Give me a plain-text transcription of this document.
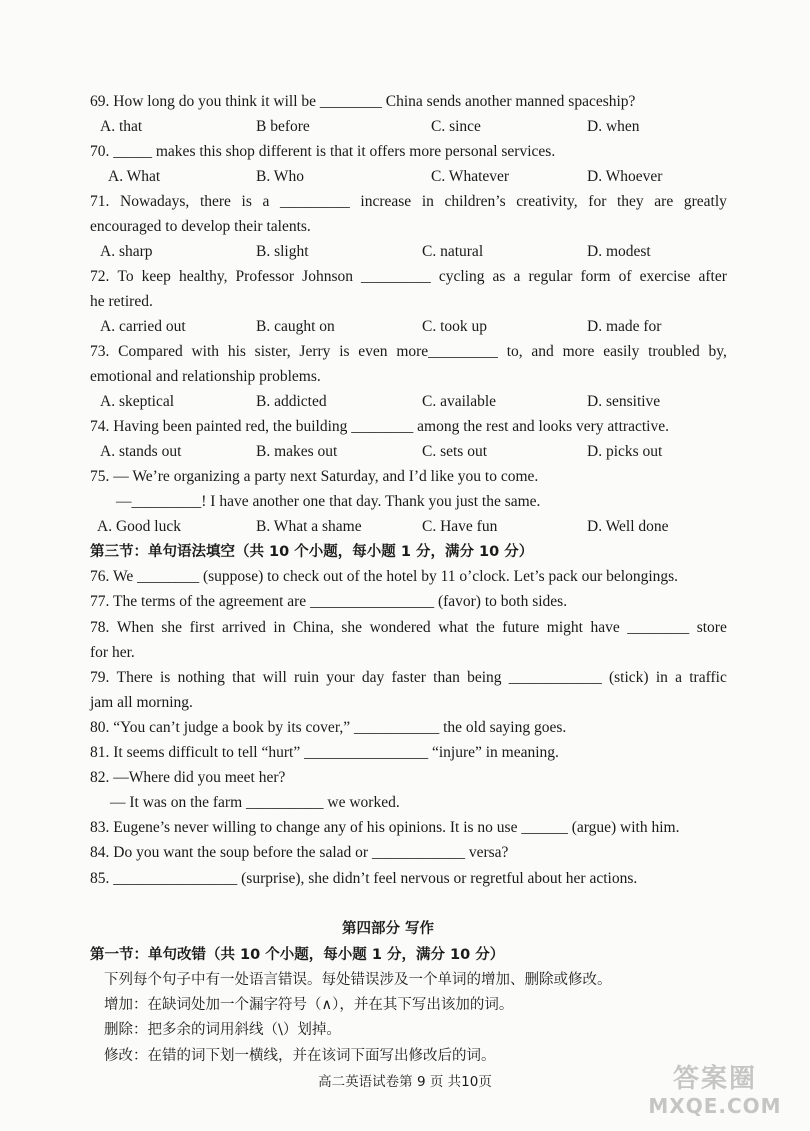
69. How long do you think it will be ________ China sends another manned spaceship?
A. that	B before	C. since	D. when
70. _____ makes this shop different is that it offers more personal services.
A. What	B. Who	C. Whatever	D. Whoever
71. Nowadays, there is a _________ increase in children’s creativity, for they are greatly
encouraged to develop their talents.
A. sharp	B. slight	C. natural	D. modest
72. To keep healthy, Professor Johnson _________ cycling as a regular form of exercise after
he retired.
A. carried out	B. caught on	C. took up	D. made for
73. Compared with his sister, Jerry is even more_________ to, and more easily troubled by,
emotional and relationship problems.
A. skeptical	B. addicted	C. available	D. sensitive
74. Having been painted red, the building ________ among the rest and looks very attractive.
A. stands out	B. makes out	C. sets out	D. picks out
75. — We’re organizing a party next Saturday, and I’d like you to come.
—_________! I have another one that day. Thank you just the same.
A. Good luck	B. What a shame	C. Have fun	D. Well done
第三节：单句语法填空（共 10 个小题，每小题 1 分，满分 10 分）
76. We ________ (suppose) to check out of the hotel by 11 o’clock. Let’s pack our belongings.
77. The terms of the agreement are ________________ (favor) to both sides.
78. When she first arrived in China, she wondered what the future might have ________ store
for her.
79. There is nothing that will ruin your day faster than being ____________ (stick) in a traffic
jam all morning.
80. “You can’t judge a book by its cover,” ___________ the old saying goes.
81. It seems difficult to tell “hurt” ________________ “injure” in meaning.
82. —Where did you meet her?
— It was on the farm __________ we worked.
83. Eugene’s never willing to change any of his opinions. It is no use ______ (argue) with him.
84. Do you want the soup before the salad or ____________ versa?
85. ________________ (surprise), she didn’t feel nervous or regretful about her actions.
第四部分 写作
第一节：单句改错（共 10 个小题，每小题 1 分，满分 10 分）
下列每个句子中有一处语言错误。每处错误涉及一个单词的增加、删除或修改。
增加：在缺词处加一个漏字符号（∧），并在其下写出该加的词。
删除：把多余的词用斜线（\）划掉。
修改：在错的词下划一横线，并在该词下面写出修改后的词。
高二英语试卷第 9 页 共10页	答案圈
MXQE.COM
